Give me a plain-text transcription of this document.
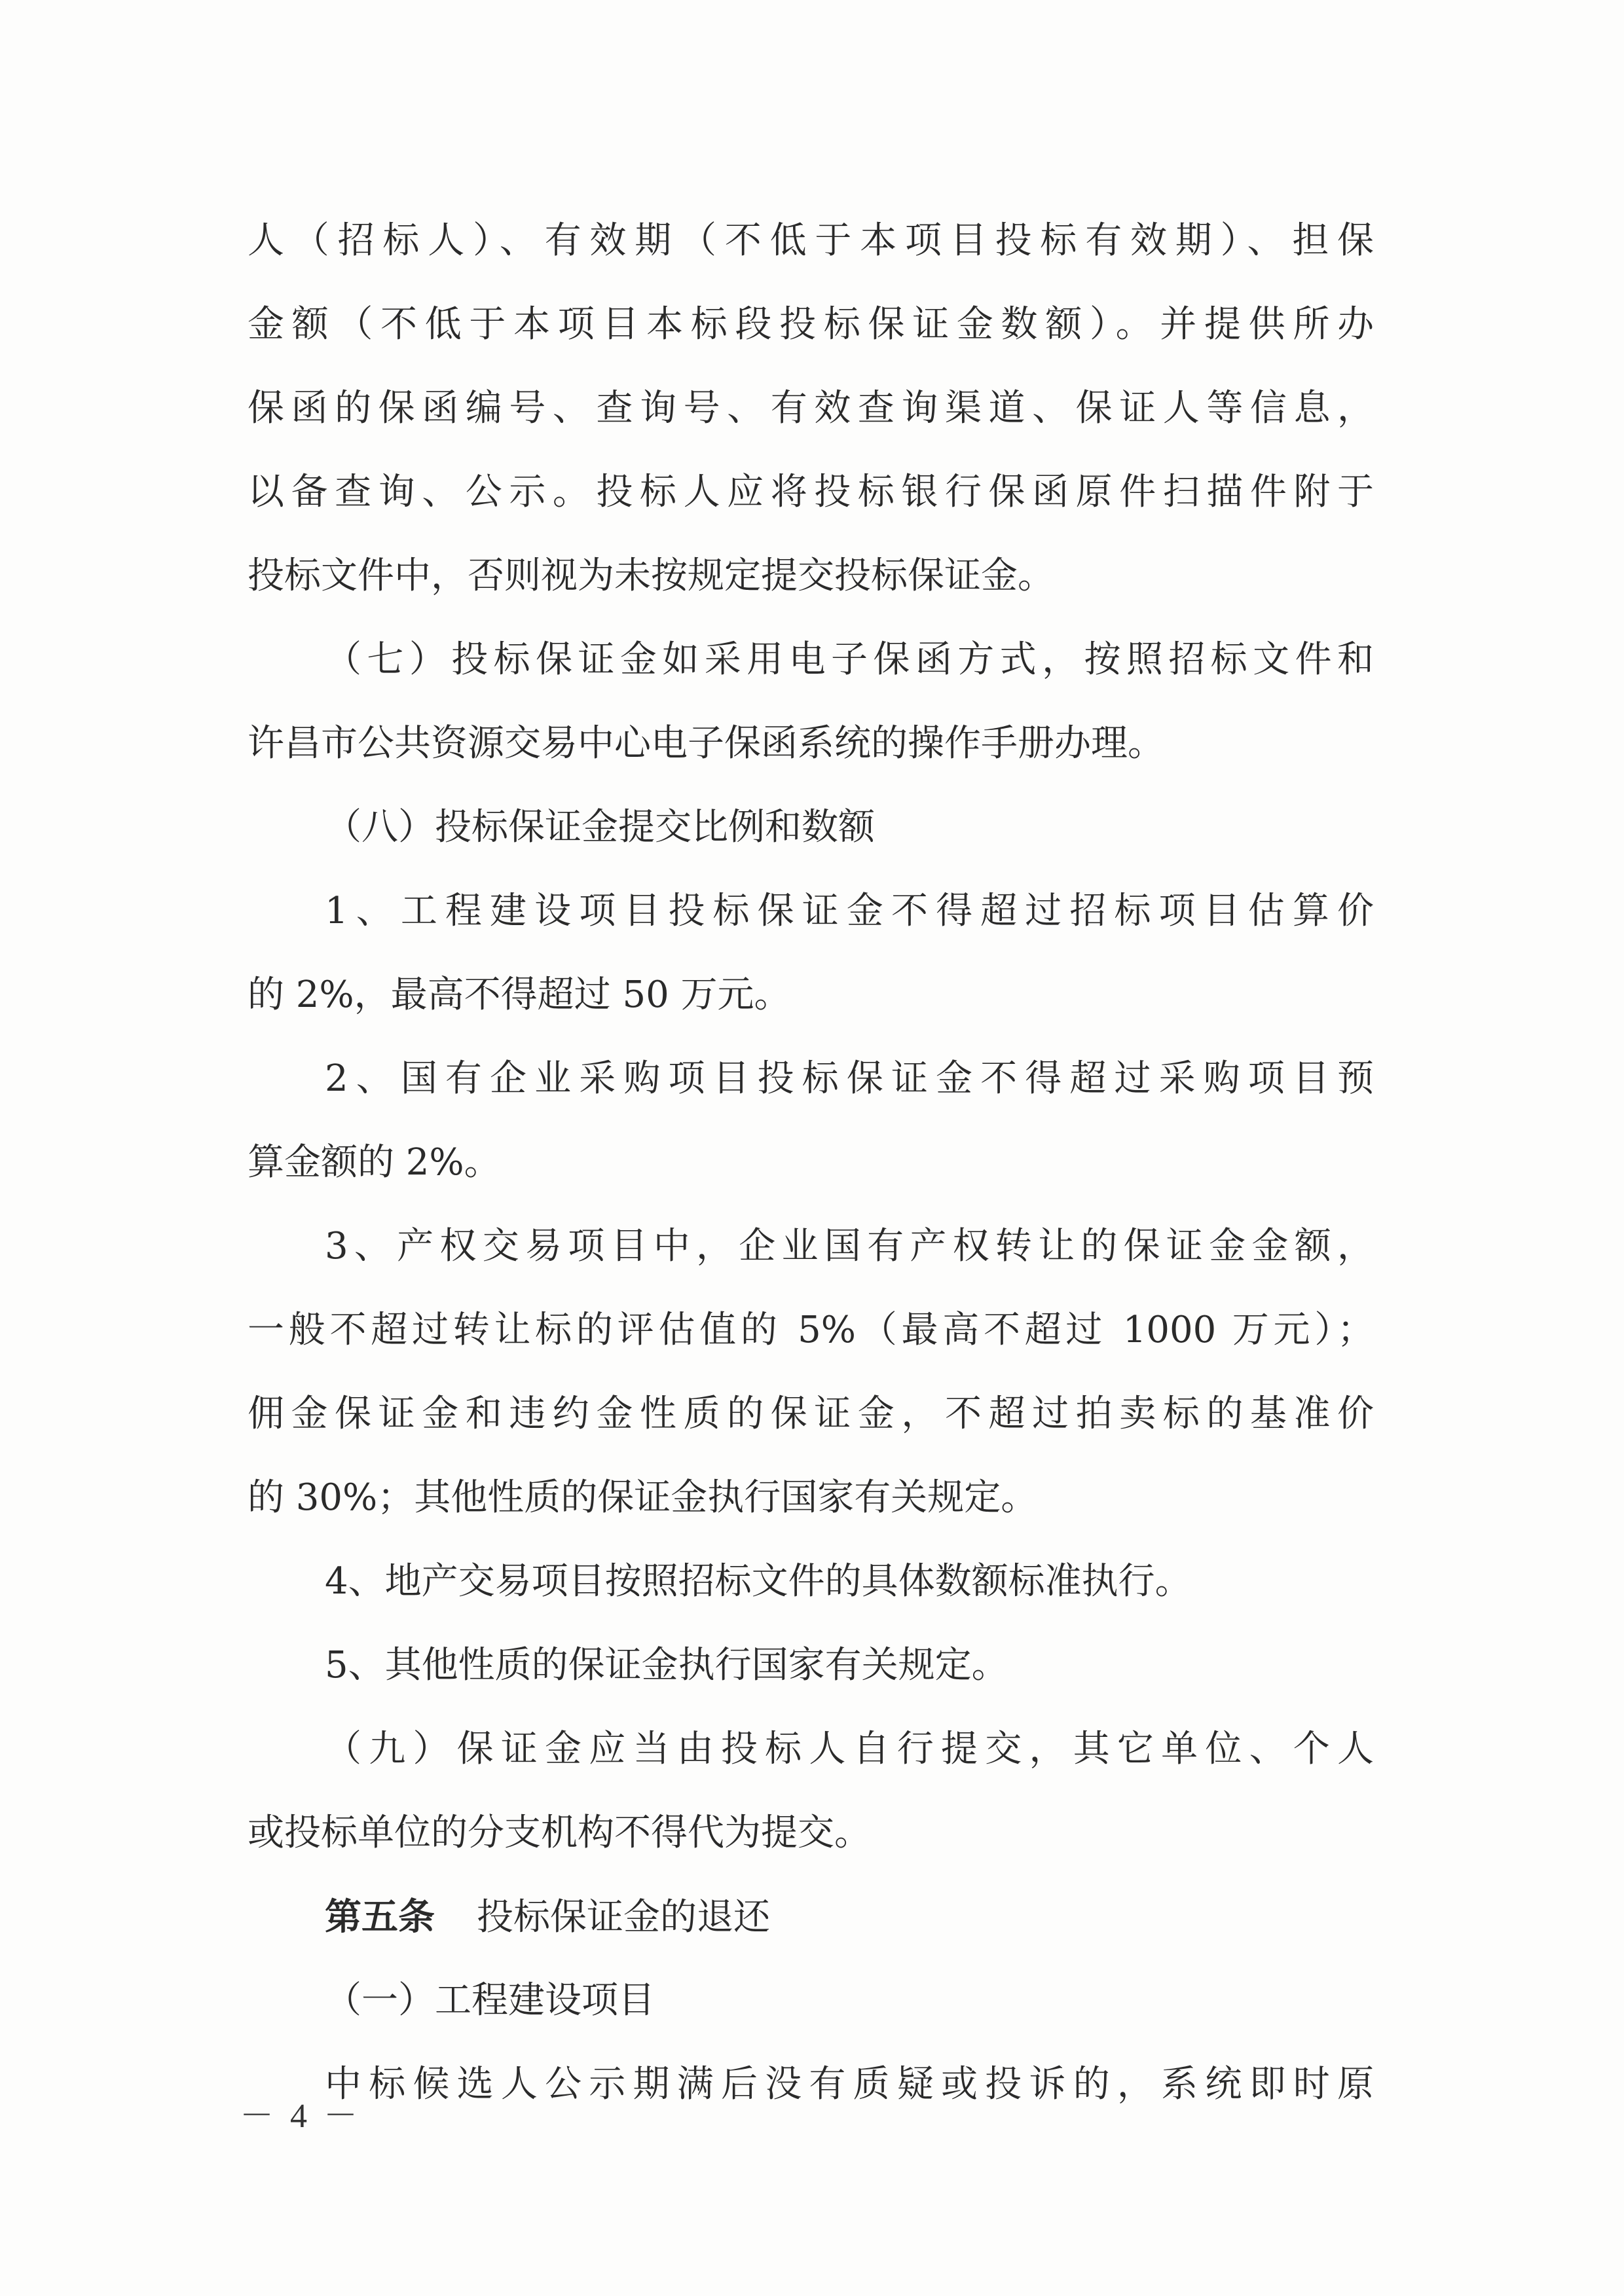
人（招标人）、有效期（不低于本项目投标有效期）、担保
金额（不低于本项目本标段投标保证金数额）。并提供所办
保函的保函编号、查询号、有效查询渠道、保证人等信息，
以备查询、公示。投标人应将投标银行保函原件扫描件附于
投标文件中，否则视为未按规定提交投标保证金。
（七）投标保证金如采用电子保函方式，按照招标文件和
许昌市公共资源交易中心电子保函系统的操作手册办理。
（八）投标保证金提交比例和数额
1、工程建设项目投标保证金不得超过招标项目估算价
的 2%，最高不得超过 50 万元。
2、国有企业采购项目投标保证金不得超过采购项目预
算金额的 2%。
3、产权交易项目中，企业国有产权转让的保证金金额，
一般不超过转让标的评估值的 5%（最高不超过 1000 万元）；
佣金保证金和违约金性质的保证金，不超过拍卖标的基准价
的 30%；其他性质的保证金执行国家有关规定。
4、地产交易项目按照招标文件的具体数额标准执行。
5、其他性质的保证金执行国家有关规定。
（九）保证金应当由投标人自行提交，其它单位、个人
或投标单位的分支机构不得代为提交。
第五条 投标保证金的退还
（一）工程建设项目
中标候选人公示期满后没有质疑或投诉的，系统即时原
－ 4 －
